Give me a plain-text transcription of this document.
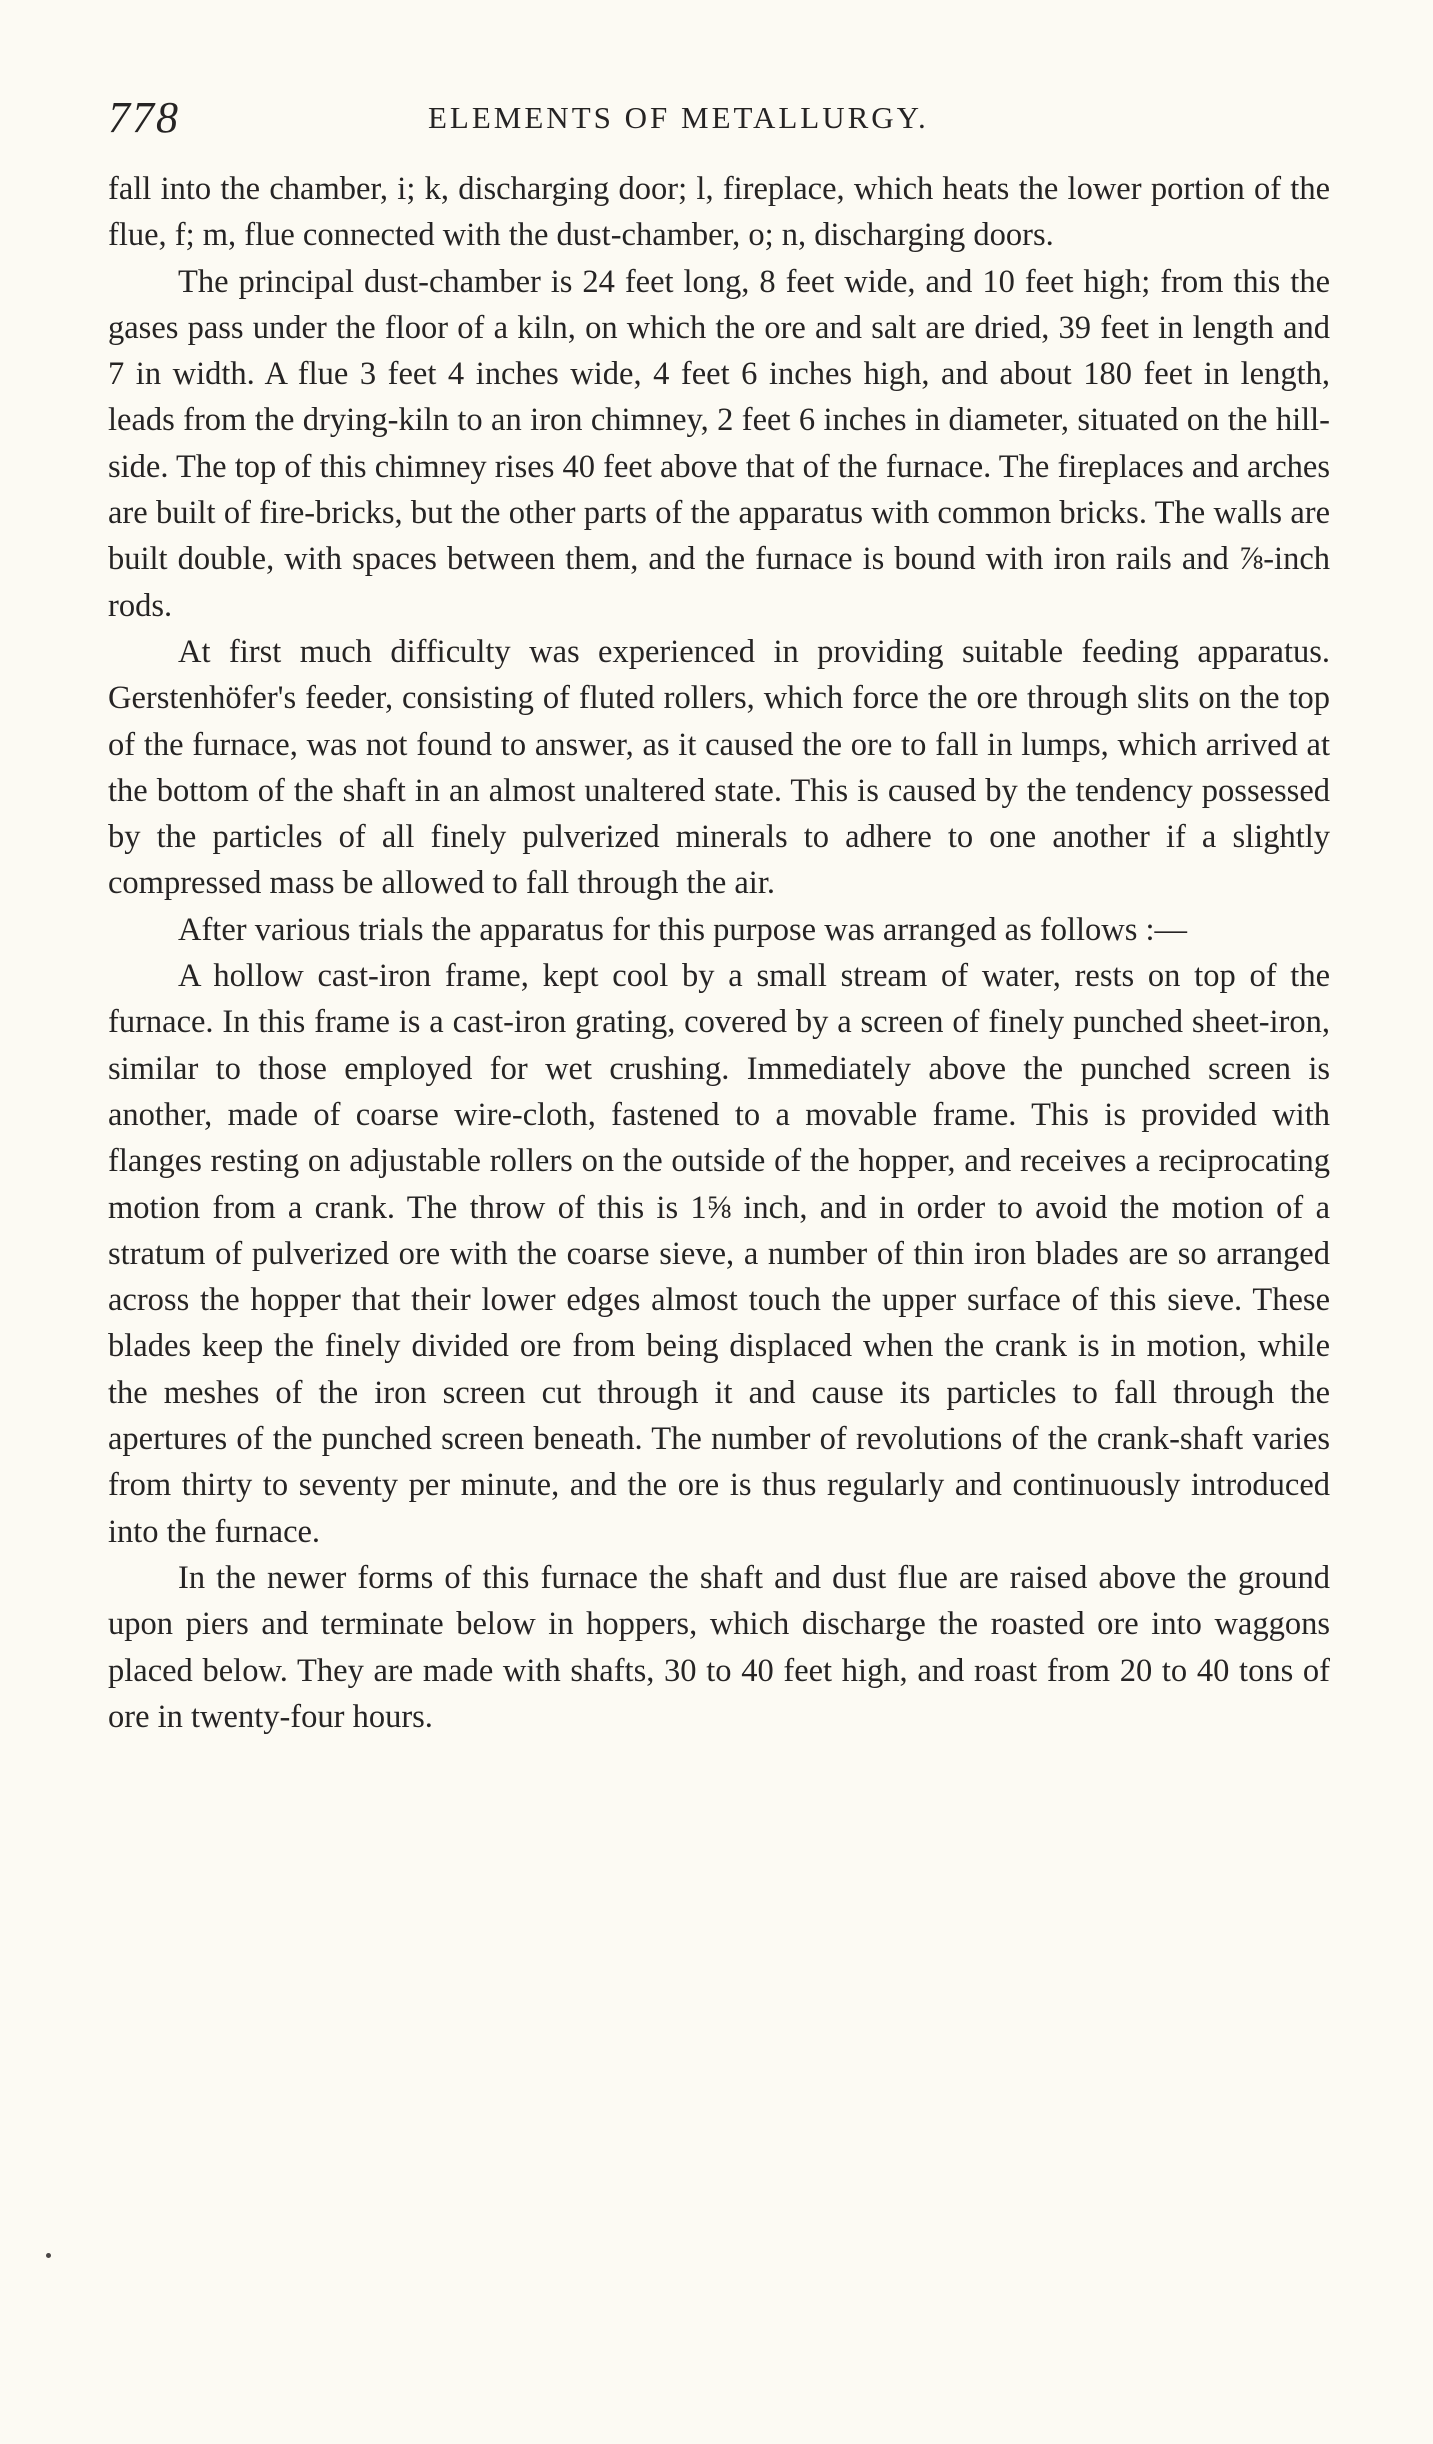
778	ELEMENTS OF METALLURGY.

fall into the chamber, i; k, discharging door; l, fireplace, which heats the lower portion of the flue, f; m, flue connected with the dust-chamber, o; n, discharging doors.

The principal dust-chamber is 24 feet long, 8 feet wide, and 10 feet high; from this the gases pass under the floor of a kiln, on which the ore and salt are dried, 39 feet in length and 7 in width. A flue 3 feet 4 inches wide, 4 feet 6 inches high, and about 180 feet in length, leads from the drying-kiln to an iron chimney, 2 feet 6 inches in diameter, situated on the hill-side. The top of this chimney rises 40 feet above that of the furnace. The fireplaces and arches are built of fire-bricks, but the other parts of the apparatus with common bricks. The walls are built double, with spaces between them, and the furnace is bound with iron rails and ⅞-inch rods.

At first much difficulty was experienced in providing suitable feeding apparatus. Gerstenhöfer's feeder, consisting of fluted rollers, which force the ore through slits on the top of the furnace, was not found to answer, as it caused the ore to fall in lumps, which arrived at the bottom of the shaft in an almost unaltered state. This is caused by the tendency possessed by the particles of all finely pulverized minerals to adhere to one another if a slightly compressed mass be allowed to fall through the air.

After various trials the apparatus for this purpose was arranged as follows :—

A hollow cast-iron frame, kept cool by a small stream of water, rests on top of the furnace. In this frame is a cast-iron grating, covered by a screen of finely punched sheet-iron, similar to those employed for wet crushing. Immediately above the punched screen is another, made of coarse wire-cloth, fastened to a movable frame. This is provided with flanges resting on adjustable rollers on the outside of the hopper, and receives a reciprocating motion from a crank. The throw of this is 1⅝ inch, and in order to avoid the motion of a stratum of pulverized ore with the coarse sieve, a number of thin iron blades are so arranged across the hopper that their lower edges almost touch the upper surface of this sieve. These blades keep the finely divided ore from being displaced when the crank is in motion, while the meshes of the iron screen cut through it and cause its particles to fall through the apertures of the punched screen beneath. The number of revolutions of the crank-shaft varies from thirty to seventy per minute, and the ore is thus regularly and continuously introduced into the furnace.

In the newer forms of this furnace the shaft and dust flue are raised above the ground upon piers and terminate below in hoppers, which discharge the roasted ore into waggons placed below. They are made with shafts, 30 to 40 feet high, and roast from 20 to 40 tons of ore in twenty-four hours.
